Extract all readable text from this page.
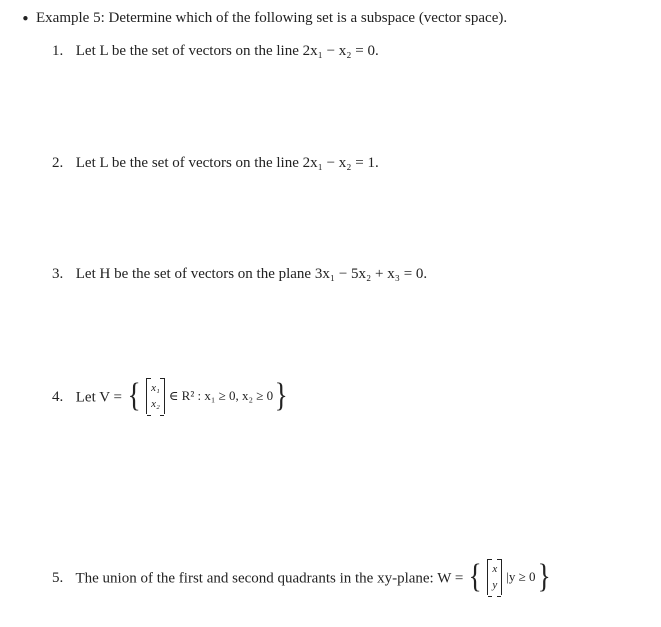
• Example 5: Determine which of the following set is a subspace (vector space).
1. Let L be the set of vectors on the line 2x₁ − x₂ = 0.
2. Let L be the set of vectors on the line 2x₁ − x₂ = 1.
3. Let H be the set of vectors on the plane 3x₁ − 5x₂ + x₃ = 0.
4. Let V = { x₁
x₂
∈ R² : x₁ ≥ 0, x₂ ≥ 0 }
5. The union of the first and second quadrants in the xy-plane: W = { x
y
|y ≥ 0 }
